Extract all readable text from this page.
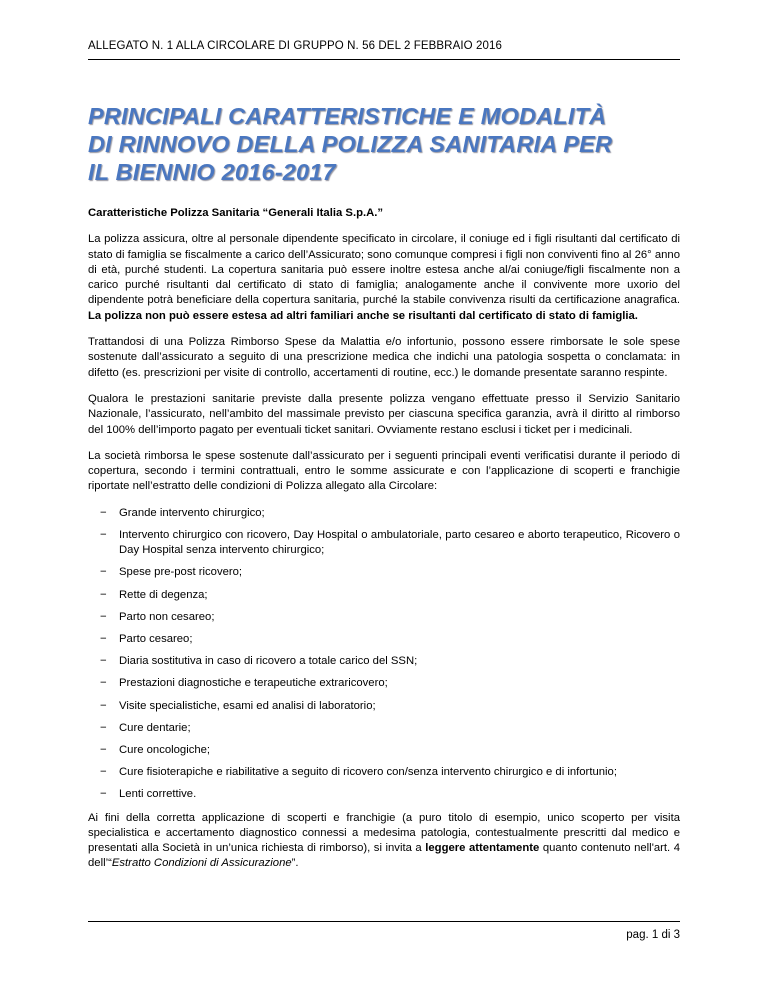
ALLEGATO N. 1 ALLA CIRCOLARE DI GRUPPO N. 56 DEL 2 FEBBRAIO 2016
PRINCIPALI CARATTERISTICHE E MODALITÀ
DI RINNOVO DELLA POLIZZA SANITARIA PER
IL BIENNIO 2016-2017
Caratteristiche Polizza Sanitaria “Generali Italia S.p.A.”

La polizza assicura, oltre al personale dipendente specificato in circolare, il coniuge ed i figli risultanti dal certificato di stato di famiglia se fiscalmente a carico dell’Assicurato; sono comunque compresi i figli non conviventi fino al 26° anno di età, purché studenti. La copertura sanitaria può essere inoltre estesa anche al/ai coniuge/figli fiscalmente non a carico purché risultanti dal certificato di stato di famiglia; analogamente anche il convivente more uxorio del dipendente potrà beneficiare della copertura sanitaria, purché la stabile convivenza risulti da certificazione anagrafica. La polizza non può essere estesa ad altri familiari anche se risultanti dal certificato di stato di famiglia.

Trattandosi di una Polizza Rimborso Spese da Malattia e/o infortunio, possono essere rimborsate le sole spese sostenute dall’assicurato a seguito di una prescrizione medica che indichi una patologia sospetta o conclamata: in difetto (es. prescrizioni per visite di controllo, accertamenti di routine, ecc.) le domande presentate saranno respinte.

Qualora le prestazioni sanitarie previste dalla presente polizza vengano effettuate presso il Servizio Sanitario Nazionale, l’assicurato, nell’ambito del massimale previsto per ciascuna specifica garanzia, avrà il diritto al rimborso del 100% dell’importo pagato per eventuali ticket sanitari. Ovviamente restano esclusi i ticket per i medicinali.

La società rimborsa le spese sostenute dall’assicurato per i seguenti principali eventi verificatisi durante il periodo di copertura, secondo i termini contrattuali, entro le somme assicurate e con l’applicazione di scoperti e franchigie riportate nell’estratto delle condizioni di Polizza allegato alla Circolare:

− Grande intervento chirurgico;
− Intervento chirurgico con ricovero, Day Hospital o ambulatoriale, parto cesareo e aborto terapeutico, Ricovero o Day Hospital senza intervento chirurgico;
− Spese pre-post ricovero;
− Rette di degenza;
− Parto non cesareo;
− Parto cesareo;
− Diaria sostitutiva in caso di ricovero a totale carico del SSN;
− Prestazioni diagnostiche e terapeutiche extraricovero;
− Visite specialistiche, esami ed analisi di laboratorio;
− Cure dentarie;
− Cure oncologiche;
− Cure fisioterapiche e riabilitative a seguito di ricovero con/senza intervento chirurgico e di infortunio;
− Lenti correttive.

Ai fini della corretta applicazione di scoperti e franchigie (a puro titolo di esempio, unico scoperto per visita specialistica e accertamento diagnostico connessi a medesima patologia, contestualmente prescritti dal medico e presentati alla Società in un’unica richiesta di rimborso), si invita a leggere attentamente quanto contenuto nell'art. 4 dell’“Estratto Condizioni di Assicurazione”.

pag. 1 di 3
